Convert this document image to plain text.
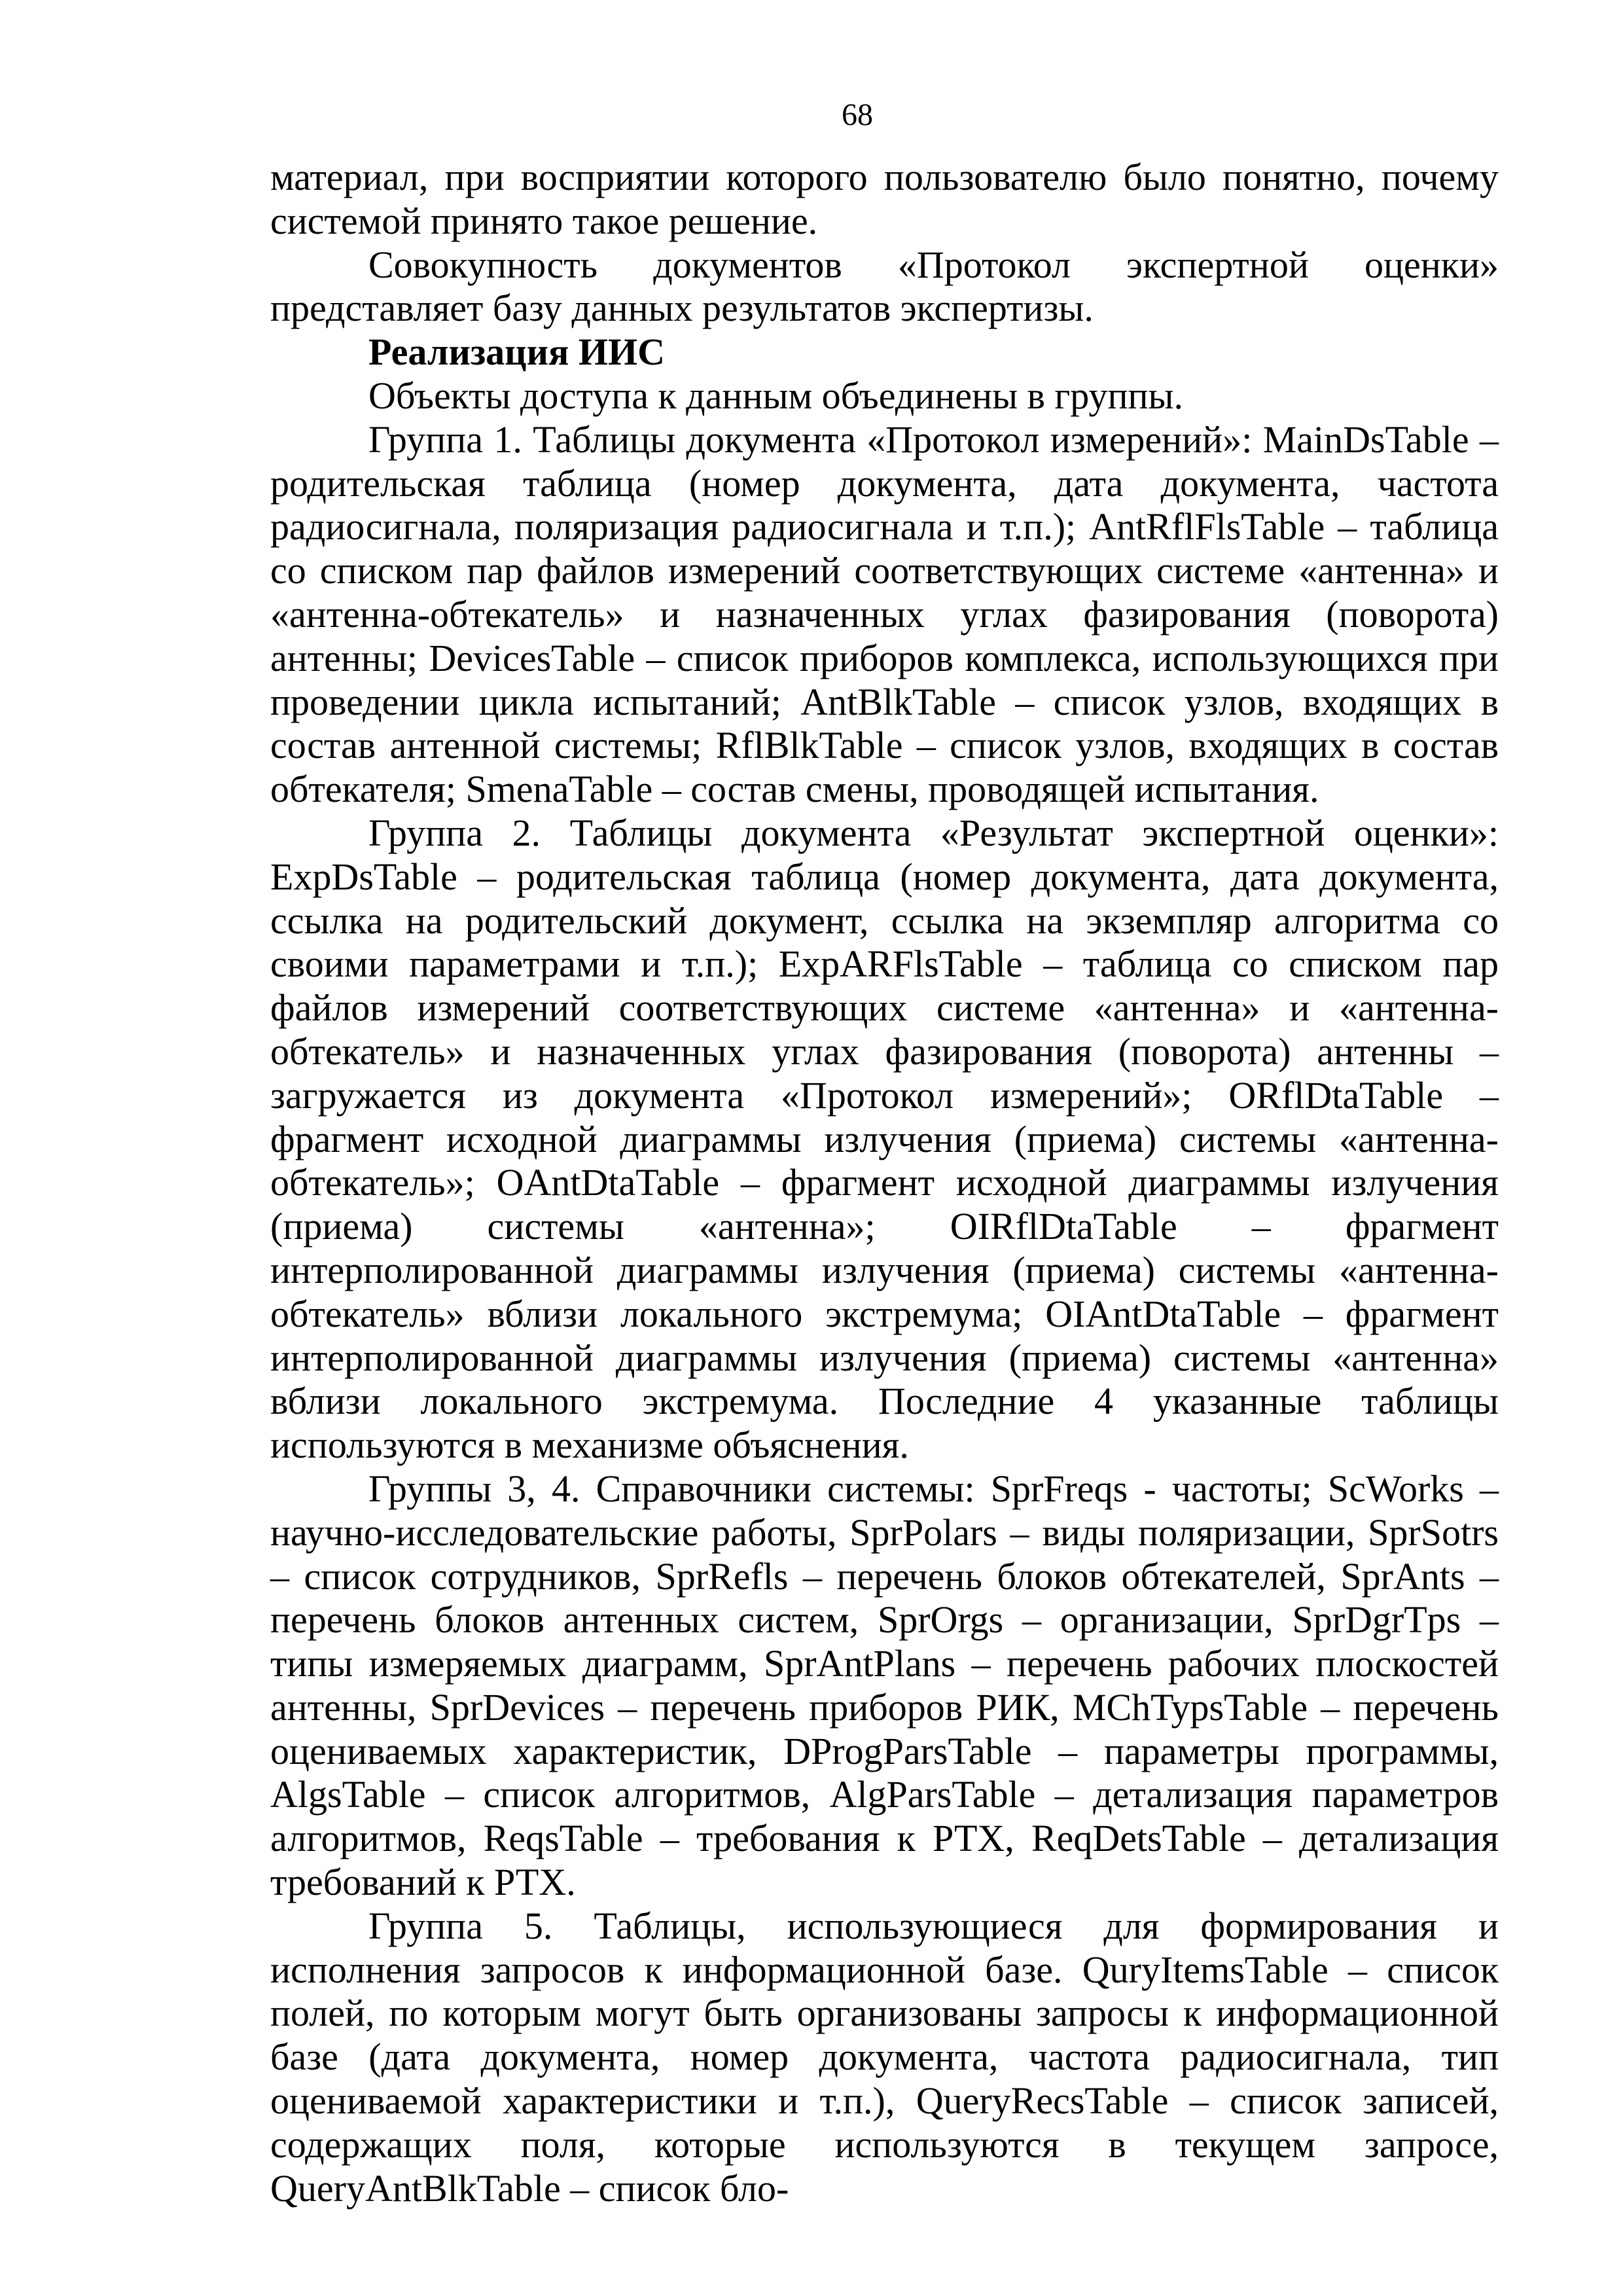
68

материал, при восприятии которого пользователю было понятно, почему системой принято такое решение.

Совокупность документов «Протокол экспертной оценки» представляет базу данных результатов экспертизы.

Реализация ИИС

Объекты доступа к данным объединены в группы.

Группа 1. Таблицы документа «Протокол измерений»: MainDsTable – родительская таблица (номер документа, дата документа, частота радиосигнала, поляризация радиосигнала и т.п.); AntRflFlsTable – таблица со списком пар файлов измерений соответствующих системе «антенна» и «антенна-обтекатель» и назначенных углах фазирования (поворота) антенны; DevicesTable – список приборов комплекса, использующихся при проведении цикла испытаний; AntBlkTable – список узлов, входящих в состав антенной системы; RflBlkTable – список узлов, входящих в состав обтекателя; SmenaTable – состав смены, проводящей испытания.

Группа 2. Таблицы документа «Результат экспертной оценки»: ExpDsTable – родительская таблица (номер документа, дата документа, ссылка на родительский документ, ссылка на экземпляр алгоритма со своими параметрами и т.п.); ExpARFlsTable – таблица со списком пар файлов измерений соответствующих системе «антенна» и «антенна-обтекатель» и назначенных углах фазирования (поворота) антенны – загружается из документа «Протокол измерений»; ORflDtaTable – фрагмент исходной диаграммы излучения (приема) системы «антенна-обтекатель»; OAntDtaTable – фрагмент исходной диаграммы излучения (приема) системы «антенна»; OIRflDtaTable – фрагмент интерполированной диаграммы излучения (приема) системы «антенна-обтекатель» вблизи локального экстремума; OIAntDtaTable – фрагмент интерполированной диаграммы излучения (приема) системы «антенна» вблизи локального экстремума. Последние 4 указанные таблицы используются в механизме объяснения.

Группы 3, 4. Справочники системы: SprFreqs - частоты; ScWorks – научно-исследовательские работы, SprPolars – виды поляризации, SprSotrs – список сотрудников, SprRefls – перечень блоков обтекателей, SprAnts – перечень блоков антенных систем, SprOrgs – организации, SprDgrTps – типы измеряемых диаграмм, SprAntPlans – перечень рабочих плоскостей антенны, SprDevices – перечень приборов РИК, MChTypsTable – перечень оцениваемых характеристик, DProgParsTable – параметры программы, AlgsTable – список алгоритмов, AlgParsTable – детализация параметров алгоритмов, ReqsTable – требования к РТХ, ReqDetsTable – детализация требований к РТХ.

Группа 5. Таблицы, использующиеся для формирования и исполнения запросов к информационной базе. QuryItemsTable – список полей, по которым могут быть организованы запросы к информационной базе (дата документа, номер документа, частота радиосигнала, тип оцениваемой характеристики и т.п.), QueryRecsTable – список записей, содержащих поля, которые используются в текущем запросе, QueryAntBlkTable – список бло-
